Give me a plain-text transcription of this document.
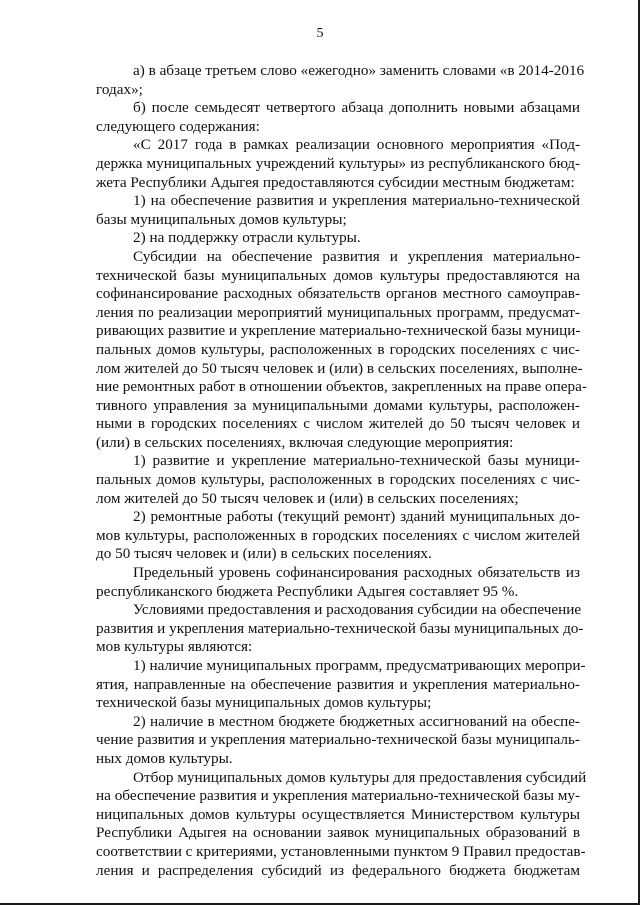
5
а) в абзаце третьем слово «ежегодно» заменить словами «в 2014-2016
годах»;
б) после семьдесят четвертого абзаца дополнить новыми абзацами
следующего содержания:
«С 2017 года в рамках реализации основного мероприятия «Под-
держка муниципальных учреждений культуры» из республиканского бюд-
жета Республики Адыгея предоставляются субсидии местным бюджетам:
1) на обеспечение развития и укрепления материально-технической
базы муниципальных домов культуры;
2) на поддержку отрасли культуры.
Субсидии на обеспечение развития и укрепления материально-
технической базы муниципальных домов культуры предоставляются на
софинансирование расходных обязательств органов местного самоуправ-
ления по реализации мероприятий муниципальных программ, предусмат-
ривающих развитие и укрепление материально-технической базы муници-
пальных домов культуры, расположенных в городских поселениях с чис-
лом жителей до 50 тысяч человек и (или) в сельских поселениях, выполне-
ние ремонтных работ в отношении объектов, закрепленных на праве опера-
тивного управления за муниципальными домами культуры, расположен-
ными в городских поселениях с числом жителей до 50 тысяч человек и
(или) в сельских поселениях, включая следующие мероприятия:
1) развитие и укрепление материально-технической базы муници-
пальных домов культуры, расположенных в городских поселениях с чис-
лом жителей до 50 тысяч человек и (или) в сельских поселениях;
2) ремонтные работы (текущий ремонт) зданий муниципальных до-
мов культуры, расположенных в городских поселениях с числом жителей
до 50 тысяч человек и (или) в сельских поселениях.
Предельный уровень софинансирования расходных обязательств из
республиканского бюджета Республики Адыгея составляет 95 %.
Условиями предоставления и расходования субсидии на обеспечение
развития и укрепления материально-технической базы муниципальных до-
мов культуры являются:
1) наличие муниципальных программ, предусматривающих меропри-
ятия, направленные на обеспечение развития и укрепления материально-
технической базы муниципальных домов культуры;
2) наличие в местном бюджете бюджетных ассигнований на обеспе-
чение развития и укрепления материально-технической базы муниципаль-
ных домов культуры.
Отбор муниципальных домов культуры для предоставления субсидий
на обеспечение развития и укрепления материально-технической базы му-
ниципальных домов культуры осуществляется Министерством культуры
Республики Адыгея на основании заявок муниципальных образований в
соответствии с критериями, установленными пунктом 9 Правил предостав-
ления и распределения субсидий из федерального бюджета бюджетам
